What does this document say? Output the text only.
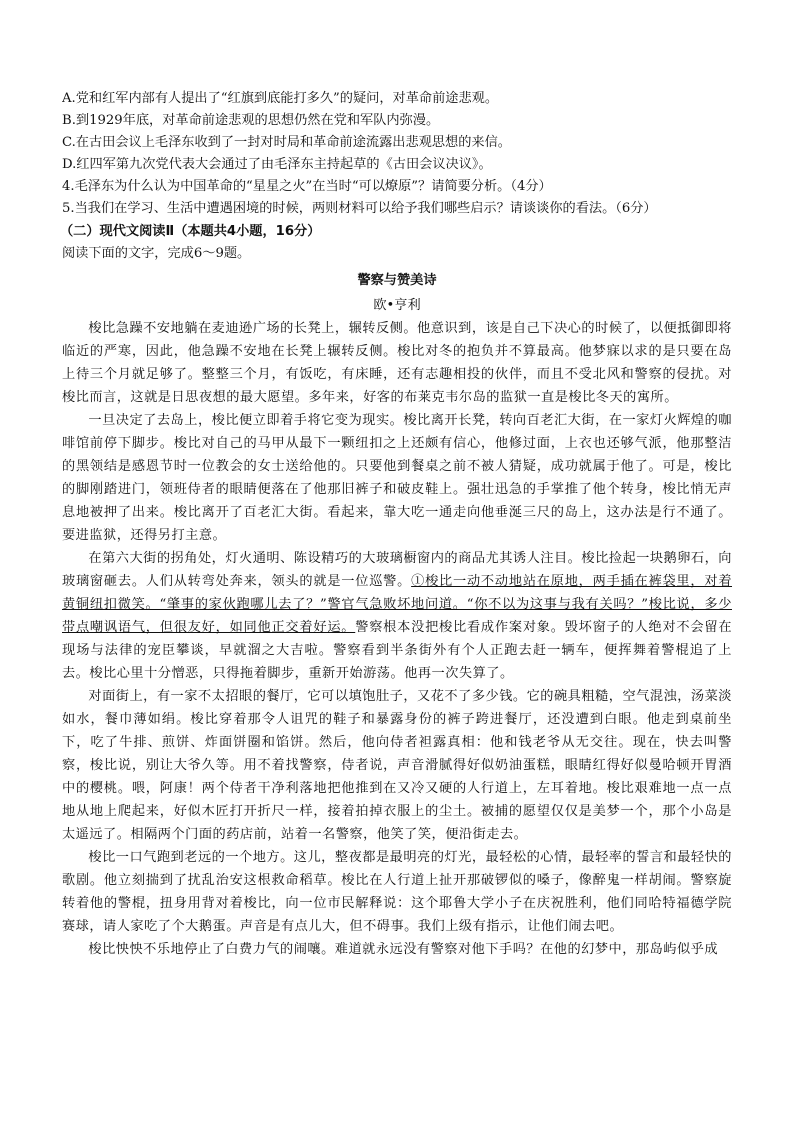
A.党和红军内部有人提出了“红旗到底能打多久”的疑问，对革命前途悲观。

B.到1929年底，对革命前途悲观的思想仍然在党和军队内弥漫。

C.在古田会议上毛泽东收到了一封对时局和革命前途流露出悲观思想的来信。

D.红四军第九次党代表大会通过了由毛泽东主持起草的《古田会议决议》。

4.毛泽东为什么认为中国革命的“星星之火”在当时“可以燎原”？请简要分析。（4分）

5.当我们在学习、生活中遭遇困境的时候，两则材料可以给予我们哪些启示？请谈谈你的看法。（6分）

（二）现代文阅读Ⅱ（本题共4小题，16分）

阅读下面的文字，完成6～9题。

警察与赞美诗

欧•亨利

梭比急躁不安地躺在麦迪逊广场的长凳上，辗转反侧。他意识到，该是自己下决心的时候了，以便抵御即将临近的严寒，因此，他急躁不安地在长凳上辗转反侧。梭比对冬的抱负并不算最高。他梦寐以求的是只要在岛上待三个月就足够了。整整三个月，有饭吃，有床睡，还有志趣相投的伙伴，而且不受北风和警察的侵扰。对梭比而言，这就是日思夜想的最大愿望。多年来，好客的布莱克韦尔岛的监狱一直是梭比冬天的寓所。

一旦决定了去岛上，梭比便立即着手将它变为现实。梭比离开长凳，转向百老汇大街，在一家灯火辉煌的咖啡馆前停下脚步。梭比对自己的马甲从最下一颗纽扣之上还颇有信心，他修过面，上衣也还够气派，他那整洁的黑领结是感恩节时一位教会的女士送给他的。只要他到餐桌之前不被人猜疑，成功就属于他了。可是，梭比的脚刚踏进门，领班侍者的眼睛便落在了他那旧裤子和破皮鞋上。强壮迅急的手掌推了他个转身，梭比悄无声息地被押了出来。梭比离开了百老汇大街。看起来，靠大吃一通走向他垂涎三尺的岛上，这办法是行不通了。要进监狱，还得另打主意。

在第六大街的拐角处，灯火通明、陈设精巧的大玻璃橱窗内的商品尤其诱人注目。梭比捡起一块鹅卵石，向玻璃窗砸去。人们从转弯处奔来，领头的就是一位巡警。①梭比一动不动地站在原地，两手插在裤袋里，对着黄铜纽扣微笑。“肇事的家伙跑哪儿去了？”警官气急败坏地问道。“你不以为这事与我有关吗？”梭比说，多少带点嘲讽语气，但很友好，如同他正交着好运。警察根本没把梭比看成作案对象。毁坏窗子的人绝对不会留在现场与法律的宠臣攀谈，早就溜之大吉啦。警察看到半条街外有个人正跑去赶一辆车，便挥舞着警棍追了上去。梭比心里十分憎恶，只得拖着脚步，重新开始游荡。他再一次失算了。

对面街上，有一家不太招眼的餐厅，它可以填饱肚子，又花不了多少钱。它的碗具粗糙，空气混浊，汤菜淡如水，餐巾薄如绢。梭比穿着那令人诅咒的鞋子和暴露身份的裤子跨进餐厅，还没遭到白眼。他走到桌前坐下，吃了牛排、煎饼、炸面饼圈和馅饼。然后，他向侍者袒露真相：他和钱老爷从无交往。现在，快去叫警察，梭比说，别让大爷久等。用不着找警察，侍者说，声音滑腻得好似奶油蛋糕，眼睛红得好似曼哈顿开胃酒中的樱桃。喂，阿康！两个侍者干净利落地把他推到在又冷又硬的人行道上，左耳着地。梭比艰难地一点一点地从地上爬起来，好似木匠打开折尺一样，接着拍掉衣服上的尘土。被捕的愿望仅仅是美梦一个，那个小岛是太遥远了。相隔两个门面的药店前，站着一名警察，他笑了笑，便沿街走去。

梭比一口气跑到老远的一个地方。这儿，整夜都是最明亮的灯光，最轻松的心情，最轻率的誓言和最轻快的歌剧。他立刻揣到了扰乱治安这根救命稻草。梭比在人行道上扯开那破锣似的嗓子，像醉鬼一样胡闹。警察旋转着他的警棍，扭身用背对着梭比，向一位市民解释说：这个耶鲁大学小子在庆祝胜利，他们同哈特福德学院赛球，请人家吃了个大鹅蛋。声音是有点儿大，但不碍事。我们上级有指示，让他们闹去吧。

梭比怏怏不乐地停止了白费力气的闹嚷。难道就永远没有警察对他下手吗？在他的幻梦中，那岛屿似乎成
